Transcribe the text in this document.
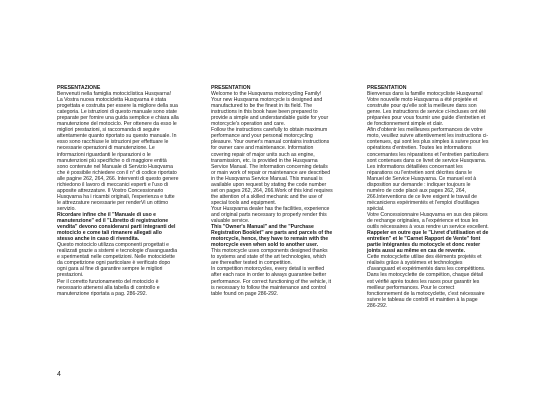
PRESENTAZIONE

Benvenuti nella famiglia motociclistica Husqvarna!

La Vostra nuova motocicletta Husqvarna è stata progettata e costruita per essere la migliore della sua categoria. Le istruzioni di questo manuale sono state preparate per fornire una guida semplice e chiara alla manutenzione del motociclo. Per ottenere da esso le migliori prestazioni, si raccomanda di seguire attentamente quanto riportato su questo manuale. In esso sono racchiuse le istruzioni per effettuare le necessarie operazioni di manutenzione. Le informazioni riguardanti le riparazioni o le manutenzioni più specifiche o di maggiore entità sono contenute nel Manuale di Servizio Husqvarna che è possibile richiedere con il n° di codice riportato alle pagine 262, 264, 266. Interventi di questo genere richiedono il lavoro di meccanici esperti e l'uso di apposite attrezzature. Il Vostro Concessionario Husqvarna ha i ricambi originali, l'esperienza e tutte le attrezzature necessarie per renderVi un ottimo servizio.

Ricordare infine che il "Manuale di uso e manutenzione" ed il "Libretto di registrazione vendita" devono considerarsi parti integranti del motociclo e come tali rimanere allegati allo stesso anche in caso di rivendita.

Questo motociclo utilizza componenti progettati e realizzati grazie a sistemi e tecnologie d'avanguardia e sperimentati nelle competizioni. Nelle motociclette da competizione ogni particolare è verificato dopo ogni gara al fine di garantire sempre le migliori prestazioni.

Per il corretto funzionamento del motociclo è necessario attenersi alla tabella di controllo e manutenzione riportata a pag. 286-292.

PRESENTATION

Welcome to the Husqvarna motorcycling Family!

Your new Husqvarna motorcycle is designed and manufactured to be the finest in its field. The instructions in this book have been prepared to provide a simple and understandable guide for your motorcycle's operation and care.

Follow the instructions carefully to obtain maximum performance and your personal motorcycling pleasure. Your owner's manual contains instructions for owner care and maintenance. Information covering repair of major units such as engine, transmission, etc. is provided in the Husqvarna Service Manual. The information concerning details or main work of repair or maintenance are described in the Husqvarna Service Manual. This manual is available upon request by stating the code number set on pages 262, 264, 266.Work of this kind requires the attention of a skilled mechanic and the use of special tools and equipment.

Your Husqvarna dealer has the facilities, experience and original parts necessary to properly render this valuable service.

This "Owner's Manual" and the "Purchase Registration Booklet" are parts and parcels of the motorcycle, hence, they have to remain with the motorcycle even when sold to another user.

This motorcycle uses components designed thanks to systems and state of the art technologies, which are thereafter tested in competition.

In competition motorcycles, every detail is verified after each race in order to always guarantee better performance. For correct functioning of the vehicle, it is necessary to follow the maintenance and control table found on page 286-292.

PRESENTATION

Bienvenus dans la famille motocycliste Husqvarna! Votre nouvelle moto Husqvarna a été projetée et construite pour qu'elle soit la meilleure dans son genre. Les instructions de service ci-incluses ont été préparées pour vous fournir une guide d'entretien et de fonctionnement simple et clair.

Afin d'obtenir les meilleures performances de votre moto, veuillez suivre attentivement les instructions ci-contenues, qui sont les plus simples à suivre pour les opérations d'entretien. Toutes les informations concernantes les réparations et l'entretien particuliers sont contenues dans ce livret de service Husqvarna. Les informations détaillées concernant les réparations ou l'entretien sont décrites dans le Manuel de Service Husqvarna. Ce manuel est à disposition sur demande : indiquer toujours le numéro de code placé aux pages 262, 264, 266.Interventions de ce livre exigent le travail de mécaniciens expérimentés et l'emploi d'outillages spécial.

Votre Concessionnaire Husqvarna en sus des pièces de rechange originales, a l'expérience et tous les outils nécessaires à vous rendre un service excellent.

Rappeler en outre que le "Livret d'utilisation et de entretien" et le "Carnet Rapport de Vente" font partie intégrantes du motocycle et donc rester joints aussi au même en cas de revente.

Cette motocyclette utilise des éléments projetés et réalisés grâce à systèmes et technologies d'avanguard et expérimentés dans les compétitions.

Dans les motocyclette de compétion, chaque détail est vérifié après toutes les races pour garantir les meilleur performances. Pour le correct fonctionnement de la motocyclette, c'est nécessaire suivre le tableau de contrôl et maintien à la page 286-292.

4
